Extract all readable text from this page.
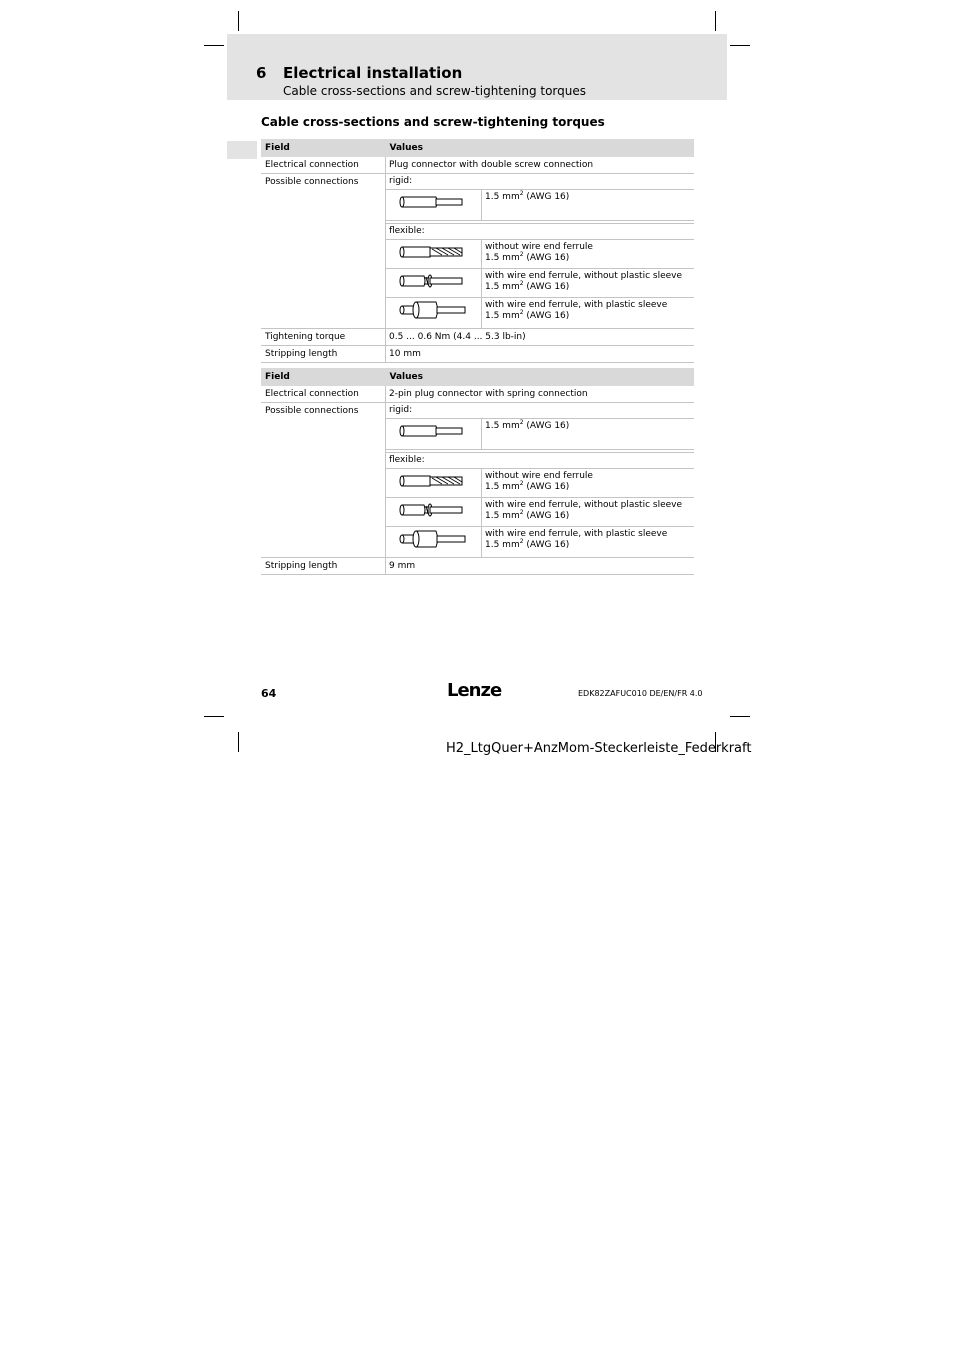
6 Electrical installation
Cable cross-sections and screw-tightening torques
Cable cross-sections and screw-tightening torques
Field	Values
Electrical connection	Plug connector with double screw connection
Possible connections		rigid:
	1.5 $mm^2$ (AWG 16)

flexible:

without wire end ferrule
1.5 $mm^2$ (AWG 16)

with wire end ferrule, without plastic sleeve
1.5 $mm^2$ (AWG 16)

with wire end ferrule, with plastic sleeve
1.5 $mm^2$ (AWG 16)

Tightening torque	0.5 ... 0.6 Nm (4.4 ... 5.3 lb-in)
Stripping length	10 mm
Field	Values
Electrical connection	2-pin plug connector with spring connection
Possible connections		rigid:
	1.5 $mm^2$ (AWG 16)

flexible:

without wire end ferrule
1.5 $mm^2$ (AWG 16)

with wire end ferrule, without plastic sleeve
1.5 $mm^2$ (AWG 16)

with wire end ferrule, with plastic sleeve
1.5 $mm^2$ (AWG 16)

Stripping length	9 mm
64	Lenze	EDK82ZAFUC010 DE/EN/FR 4.0
H2_LtgQuer+AnzMom-Steckerleiste_Federkraft
